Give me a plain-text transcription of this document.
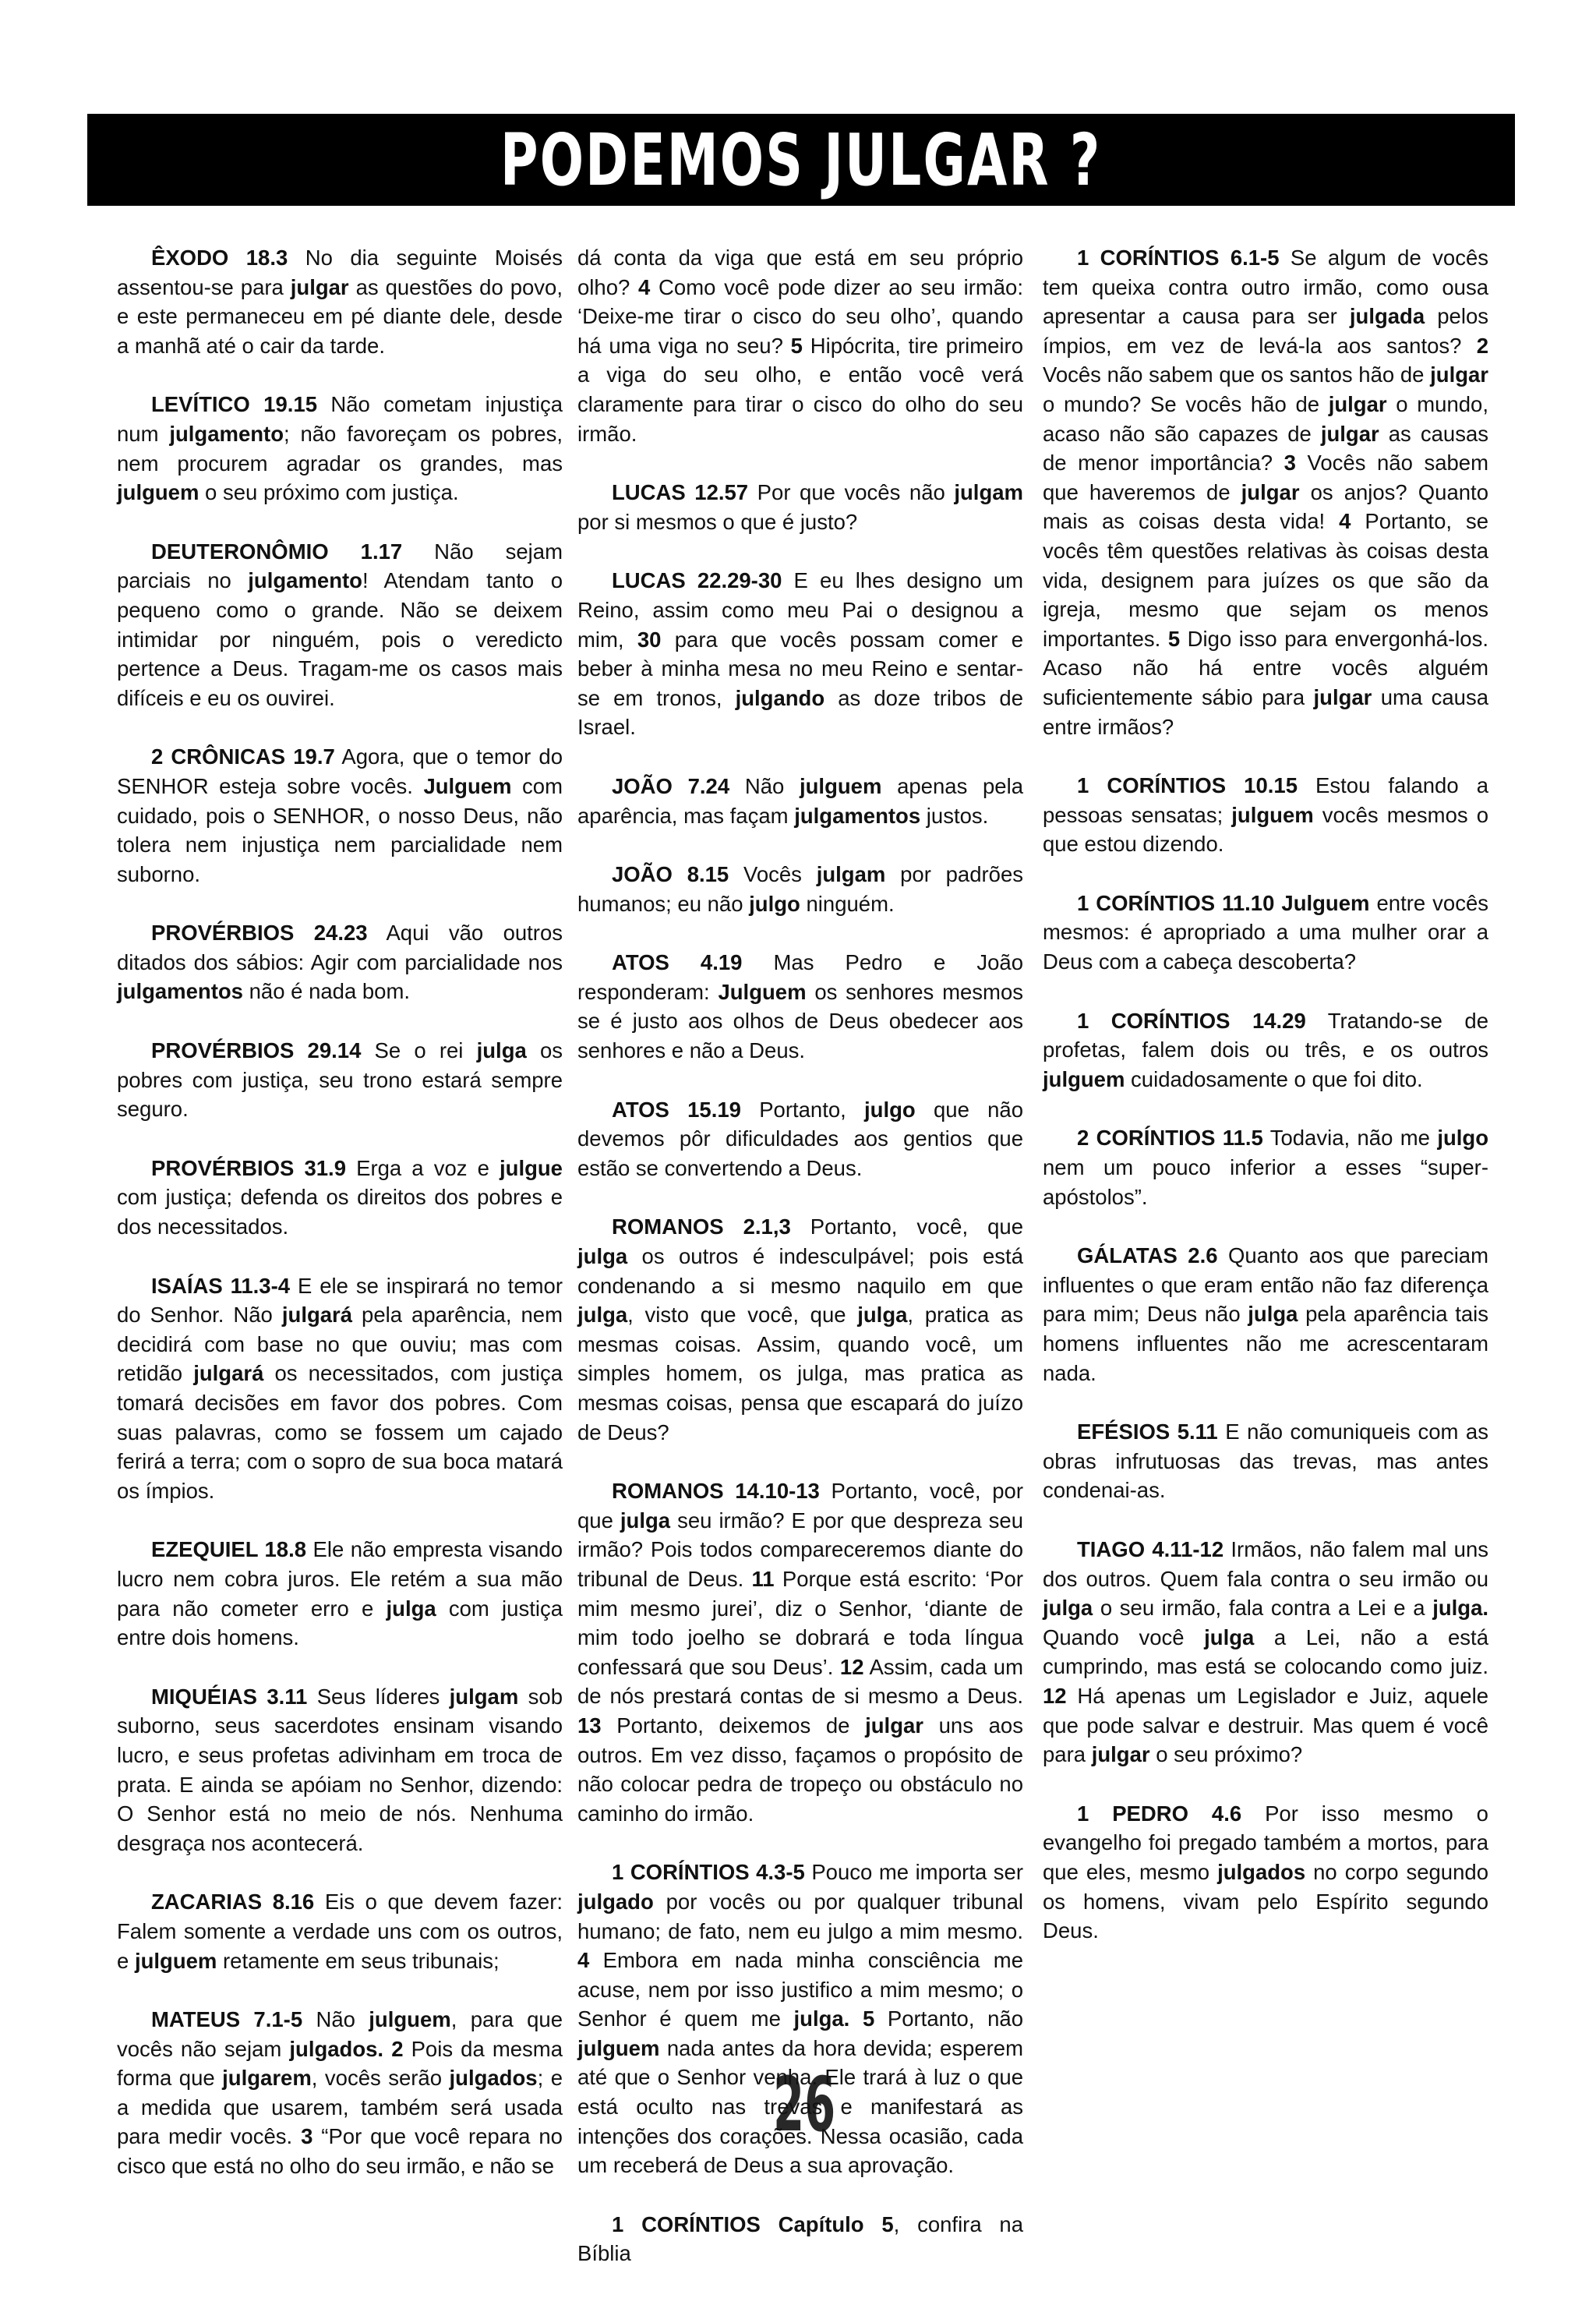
PODEMOS JULGAR ?

ÊXODO 18.3 No dia seguinte Moisés assentou-se para julgar as questões do povo, e este permaneceu em pé diante dele, desde a manhã até o cair da tarde.

LEVÍTICO 19.15 Não cometam injustiça num julgamento; não favoreçam os pobres, nem procurem agradar os grandes, mas julguem o seu próximo com justiça.

DEUTERONÔMIO 1.17 Não sejam parciais no julgamento! Atendam tanto o pequeno como o grande. Não se deixem intimidar por ninguém, pois o veredicto pertence a Deus. Tragam-me os casos mais difíceis e eu os ouvirei.

2 CRÔNICAS 19.7 Agora, que o temor do SENHOR esteja sobre vocês. Julguem com cuidado, pois o SENHOR, o nosso Deus, não tolera nem injustiça nem parcialidade nem suborno.

PROVÉRBIOS 24.23 Aqui vão outros ditados dos sábios: Agir com parcialidade nos julgamentos não é nada bom.

PROVÉRBIOS 29.14 Se o rei julga os pobres com justiça, seu trono estará sempre seguro.

PROVÉRBIOS 31.9 Erga a voz e julgue com justiça; defenda os direitos dos pobres e dos necessitados.

ISAÍAS 11.3-4 E ele se inspirará no temor do Senhor. Não julgará pela aparência, nem decidirá com base no que ouviu; mas com retidão julgará os necessitados, com justiça tomará decisões em favor dos pobres. Com suas palavras, como se fossem um cajado ferirá a terra; com o sopro de sua boca matará os ímpios.

EZEQUIEL 18.8 Ele não empresta visando lucro nem cobra juros. Ele retém a sua mão para não cometer erro e julga com justiça entre dois homens.

MIQUÉIAS 3.11 Seus líderes julgam sob suborno, seus sacerdotes ensinam visando lucro, e seus profetas adivinham em troca de prata. E ainda se apóiam no Senhor, dizendo: O Senhor está no meio de nós. Nenhuma desgraça nos acontecerá.

ZACARIAS 8.16 Eis o que devem fazer: Falem somente a verdade uns com os outros, e julguem retamente em seus tribunais;

MATEUS 7.1-5 Não julguem, para que vocês não sejam julgados. 2 Pois da mesma forma que julgarem, vocês serão julgados; e a medida que usarem, também será usada para medir vocês. 3 “Por que você repara no cisco que está no olho do seu irmão, e não se

dá conta da viga que está em seu próprio olho? 4 Como você pode dizer ao seu irmão: ‘Deixe-me tirar o cisco do seu olho’, quando há uma viga no seu? 5 Hipócrita, tire primeiro a viga do seu olho, e então você verá claramente para tirar o cisco do olho do seu irmão.

LUCAS 12.57 Por que vocês não julgam por si mesmos o que é justo?

LUCAS 22.29-30 E eu lhes designo um Reino, assim como meu Pai o designou a mim, 30 para que vocês possam comer e beber à minha mesa no meu Reino e sentar-se em tronos, julgando as doze tribos de Israel.

JOÃO 7.24 Não julguem apenas pela aparência, mas façam julgamentos justos.

JOÃO 8.15 Vocês julgam por padrões humanos; eu não julgo ninguém.

ATOS 4.19 Mas Pedro e João responderam: Julguem os senhores mesmos se é justo aos olhos de Deus obedecer aos senhores e não a Deus.

ATOS 15.19 Portanto, julgo que não devemos pôr dificuldades aos gentios que estão se convertendo a Deus.

ROMANOS 2.1,3 Portanto, você, que julga os outros é indesculpável; pois está condenando a si mesmo naquilo em que julga, visto que você, que julga, pratica as mesmas coisas. Assim, quando você, um simples homem, os julga, mas pratica as mesmas coisas, pensa que escapará do juízo de Deus?

ROMANOS 14.10-13 Portanto, você, por que julga seu irmão? E por que despreza seu irmão? Pois todos compareceremos diante do tribunal de Deus. 11 Porque está escrito: ‘Por mim mesmo jurei’, diz o Senhor, ‘diante de mim todo joelho se dobrará e toda língua confessará que sou Deus’. 12 Assim, cada um de nós prestará contas de si mesmo a Deus. 13 Portanto, deixemos de julgar uns aos outros. Em vez disso, façamos o propósito de não colocar pedra de tropeço ou obstáculo no caminho do irmão.

1 CORÍNTIOS 4.3-5 Pouco me importa ser julgado por vocês ou por qualquer tribunal humano; de fato, nem eu julgo a mim mesmo. 4 Embora em nada minha consciência me acuse, nem por isso justifico a mim mesmo; o Senhor é quem me julga. 5 Portanto, não julguem nada antes da hora devida; esperem até que o Senhor venha. Ele trará à luz o que está oculto nas trevas e manifestará as intenções dos corações. Nessa ocasião, cada um receberá de Deus a sua aprovação.

1 CORÍNTIOS Capítulo 5, confira na Bíblia

1 CORÍNTIOS 6.1-5 Se algum de vocês tem queixa contra outro irmão, como ousa apresentar a causa para ser julgada pelos ímpios, em vez de levá-la aos santos? 2 Vocês não sabem que os santos hão de julgar o mundo? Se vocês hão de julgar o mundo, acaso não são capazes de julgar as causas de menor importância? 3 Vocês não sabem que haveremos de julgar os anjos? Quanto mais as coisas desta vida! 4 Portanto, se vocês têm questões relativas às coisas desta vida, designem para juízes os que são da igreja, mesmo que sejam os menos importantes. 5 Digo isso para envergonhá-los. Acaso não há entre vocês alguém suficientemente sábio para julgar uma causa entre irmãos?

1 CORÍNTIOS 10.15 Estou falando a pessoas sensatas; julguem vocês mesmos o que estou dizendo.

1 CORÍNTIOS 11.10 Julguem entre vocês mesmos: é apropriado a uma mulher orar a Deus com a cabeça descoberta?

1 CORÍNTIOS 14.29 Tratando-se de profetas, falem dois ou três, e os outros julguem cuidadosamente o que foi dito.

2 CORÍNTIOS 11.5 Todavia, não me julgo nem um pouco inferior a esses “super-apóstolos”.

GÁLATAS 2.6 Quanto aos que pareciam influentes o que eram então não faz diferença para mim; Deus não julga pela aparência tais homens influentes não me acrescentaram nada.

EFÉSIOS 5.11 E não comuniqueis com as obras infrutuosas das trevas, mas antes condenai-as.

TIAGO 4.11-12 Irmãos, não falem mal uns dos outros. Quem fala contra o seu irmão ou julga o seu irmão, fala contra a Lei e a julga. Quando você julga a Lei, não a está cumprindo, mas está se colocando como juiz. 12 Há apenas um Legislador e Juiz, aquele que pode salvar e destruir. Mas quem é você para julgar o seu próximo?

1 PEDRO 4.6 Por isso mesmo o evangelho foi pregado também a mortos, para que eles, mesmo julgados no corpo segundo os homens, vivam pelo Espírito segundo Deus.

26
